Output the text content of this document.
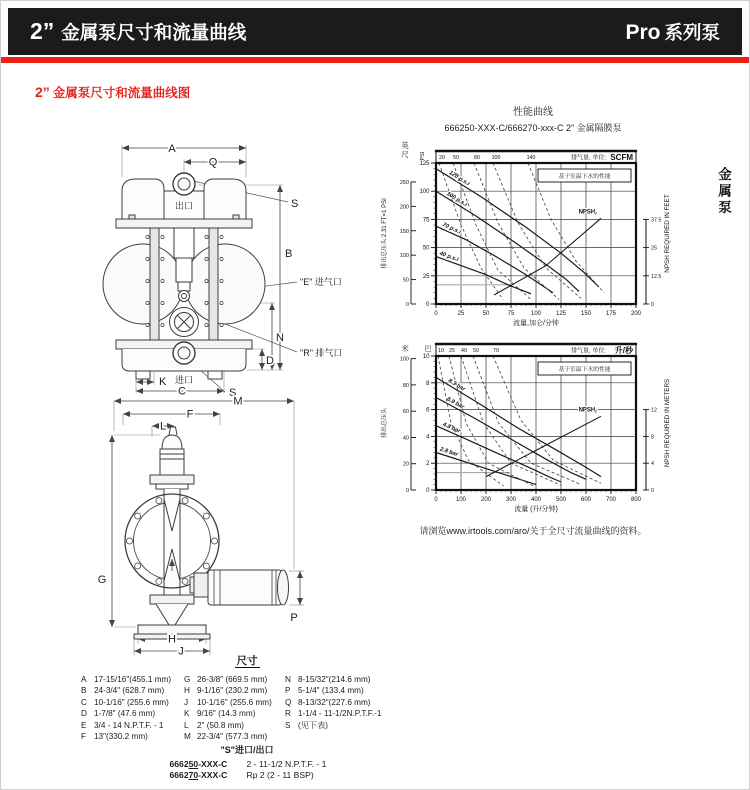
2” 金属泵尺寸和流量曲线	Pro 系列泵
2” 金属泵尺寸和流量曲线图
金属泵
性能曲线
666250-XXX-C/666270-xxx-C 2” 金属隔膜泵
A
Q
B
S
"E" 进气口
N
"R" 排气口
D
K
C	S
出口
进口
M
F
L
G
P
H
J
120 p.s.i
100 p.s.i
70 p.s.i
40 p.s.i
$NPSH_r$
基于室温下水的性能
20 50	80 100	140	排气量, 单位: SCFM
0
25
50
75
100
125
PSI
0
50
100
150
200
250
英
尺
排出总压头 2.31 FT=1 PSI
0
12.5
25
37.5 NPSH REQUIRED IN FEET
0	25	50	75	100 125 150 175 200
流量,加仑/分钟
8.3 bar
6.9 bar
4.8 bar
2.8 bar
$NPSH_r$
基于室温下水的性能
10 25 40 50	70	排气量, 单位: 升/秒
0
2
4
6
8
10
巴
0
20
40
60
80
100
米
排出总压头
0
4
8
12 NPSH REQUIRED IN METERS
0	100 200 300 400 500 600 700 800
流量 (升/分钟)
请浏览www.irtools.com/aro/关于全尺寸流量曲线的资料。
尺寸
A 17-15/16"(455.1 mm)
B 24-3/4" (628.7 mm)
C 10-1/16" (255.6 mm)
D 1-7/8" (47.6 mm)
E 3/4 - 14 N.P.T.F. - 1
F 13"(330.2 mm)
G 26-3/8" (669.5 mm)
H 9-1/16" (230.2 mm)
J	10-1/16" (255.6 mm)
K 9/16" (14.3 mm)
L	2" (50.8 mm)
M 22-3/4" (577.3 mm)
N 8-15/32"(214.6 mm)
P 5-1/4" (133.4 mm)
Q 8-13/32"(227.6 mm)
R 1-1/4 - 11-1/2N.P.T.F.-1
S (见下表)
"S"进口/出口
666250-XXX-C	2 - 11-1/2 N.P.T.F. - 1
666270-XXX-C	Rp 2 (2 - 11 BSP)
